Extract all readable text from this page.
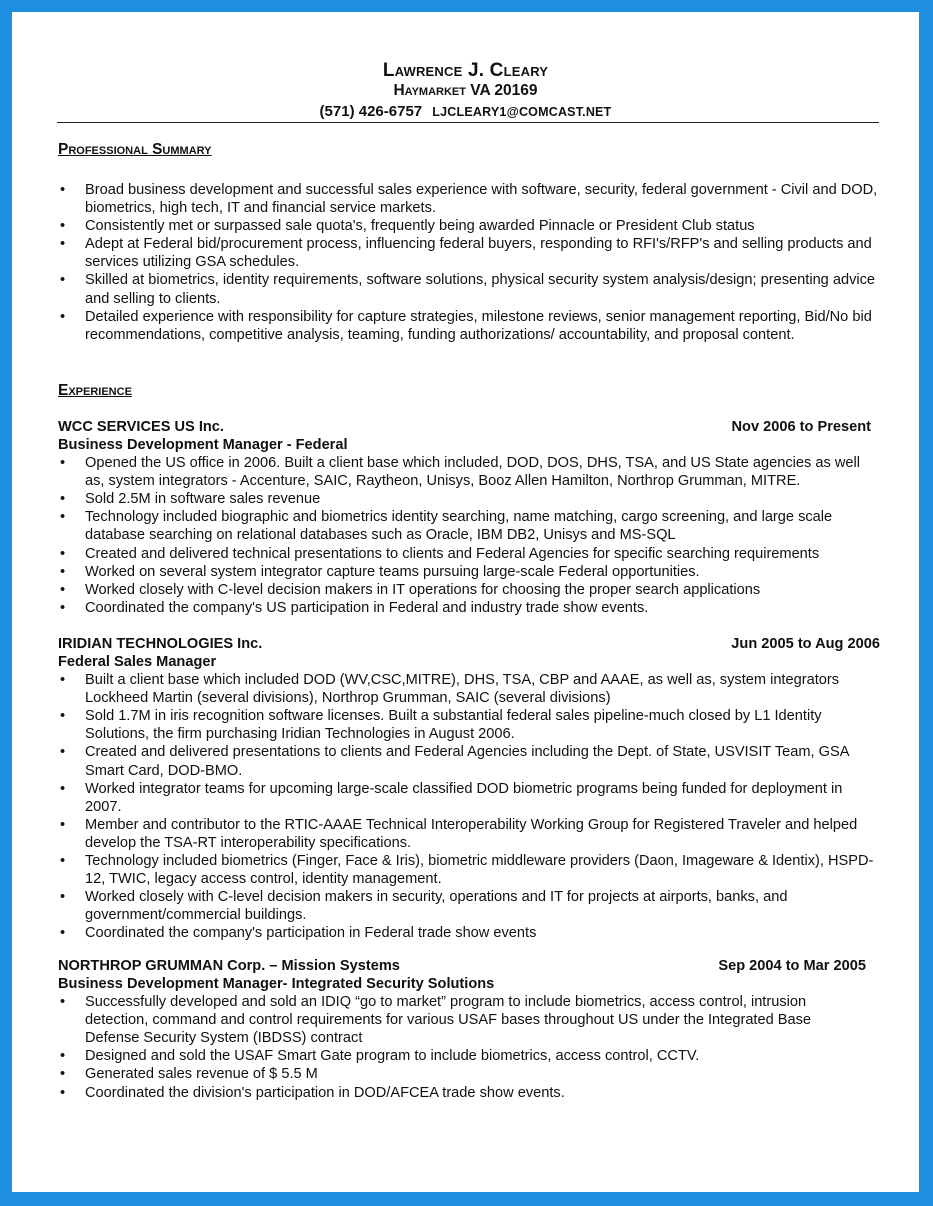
Lawrence J. Cleary
Haymarket VA 20169
(571) 426-6757 LJCLEARY1@COMCAST.NET
Professional Summary
• Broad business development and successful sales experience with software, security, federal government - Civil and DOD, biometrics, high tech, IT and financial service markets.
• Consistently met or surpassed sale quota's, frequently being awarded Pinnacle or President Club status
• Adept at Federal bid/procurement process, influencing federal buyers, responding to RFI's/RFP's and selling products and services utilizing GSA schedules.
• Skilled at biometrics, identity requirements, software solutions, physical security system analysis/design; presenting advice and selling to clients.
• Detailed experience with responsibility for capture strategies, milestone reviews, senior management reporting, Bid/No bid recommendations, competitive analysis, teaming, funding authorizations/ accountability, and proposal content.
Experience
WCC SERVICES US Inc.	Nov 2006 to Present
Business Development Manager - Federal
• Opened the US office in 2006. Built a client base which included, DOD, DOS, DHS, TSA, and US State agencies as well as, system integrators - Accenture, SAIC, Raytheon, Unisys, Booz Allen Hamilton, Northrop Grumman, MITRE.
• Sold 2.5M in software sales revenue
• Technology included biographic and biometrics identity searching, name matching, cargo screening, and large scale database searching on relational databases such as Oracle, IBM DB2, Unisys and MS-SQL
• Created and delivered technical presentations to clients and Federal Agencies for specific searching requirements
• Worked on several system integrator capture teams pursuing large-scale Federal opportunities.
• Worked closely with C-level decision makers in IT operations for choosing the proper search applications
• Coordinated the company's US participation in Federal and industry trade show events.
IRIDIAN TECHNOLOGIES Inc.	Jun 2005 to Aug 2006
Federal Sales Manager
• Built a client base which included DOD (WV,CSC,MITRE), DHS, TSA, CBP and AAAE, as well as, system integrators Lockheed Martin (several divisions), Northrop Grumman, SAIC (several divisions)
• Sold 1.7M in iris recognition software licenses. Built a substantial federal sales pipeline-much closed by L1 Identity Solutions, the firm purchasing Iridian Technologies in August 2006.
• Created and delivered presentations to clients and Federal Agencies including the Dept. of State, USVISIT Team, GSA Smart Card, DOD-BMO.
• Worked integrator teams for upcoming large-scale classified DOD biometric programs being funded for deployment in 2007.
• Member and contributor to the RTIC-AAAE Technical Interoperability Working Group for Registered Traveler and helped develop the TSA-RT interoperability specifications.
• Technology included biometrics (Finger, Face & Iris), biometric middleware providers (Daon, Imageware & Identix), HSPD-12, TWIC, legacy access control, identity management.
• Worked closely with C-level decision makers in security, operations and IT for projects at airports, banks, and government/commercial buildings.
• Coordinated the company's participation in Federal trade show events
NORTHROP GRUMMAN Corp. – Mission Systems	Sep 2004 to Mar 2005
Business Development Manager- Integrated Security Solutions
• Successfully developed and sold an IDIQ “go to market” program to include biometrics, access control, intrusion detection, command and control requirements for various USAF bases throughout US under the Integrated Base Defense Security System (IBDSS) contract
• Designed and sold the USAF Smart Gate program to include biometrics, access control, CCTV.
• Generated sales revenue of $ 5.5 M
• Coordinated the division's participation in DOD/AFCEA trade show events.
